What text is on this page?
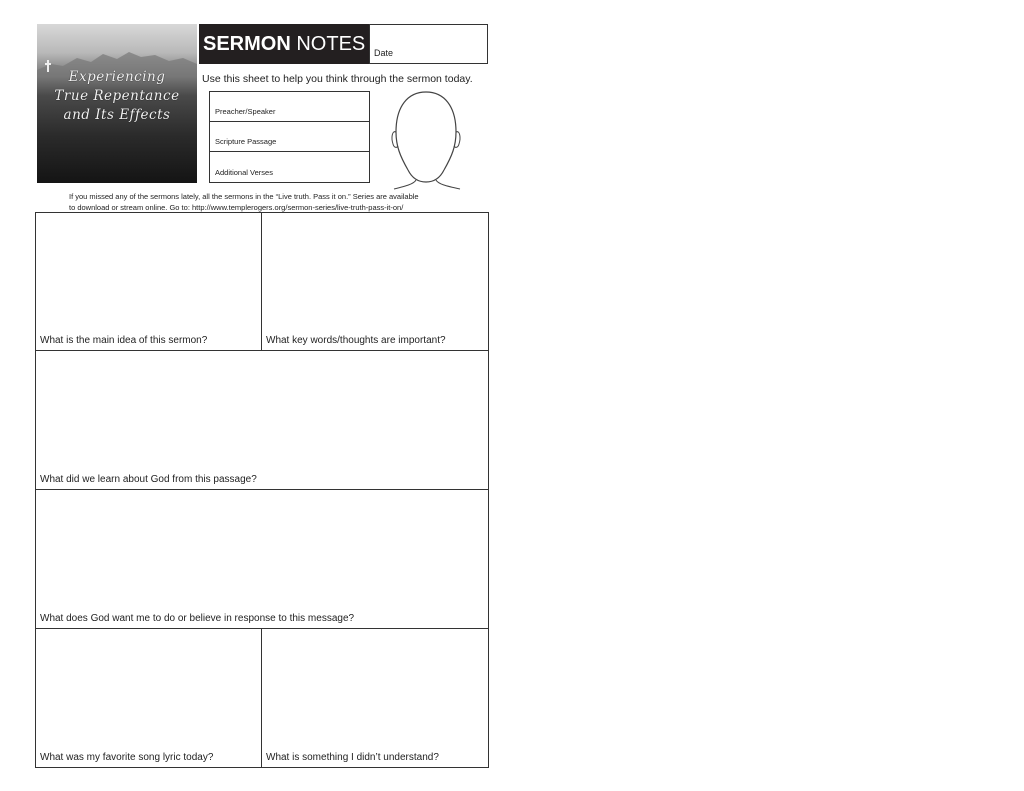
Experiencing
True Repentance
and Its Effects
SERMON NOTES Date
Use this sheet to help you think through the sermon today.
Preacher/Speaker
Scripture Passage
Additional Verses
If you missed any of the sermons lately, all the sermons in the “Live truth. Pass it on.” Series are available
to download or stream online. Go to: http://www.templerogers.org/sermon-series/live-truth-pass-it-on/
What is the main idea of this sermon?	What key words/thoughts are important?
What did we learn about God from this passage?
What does God want me to do or believe in response to this message?
What was my favorite song lyric today?	What is something I didn’t understand?
